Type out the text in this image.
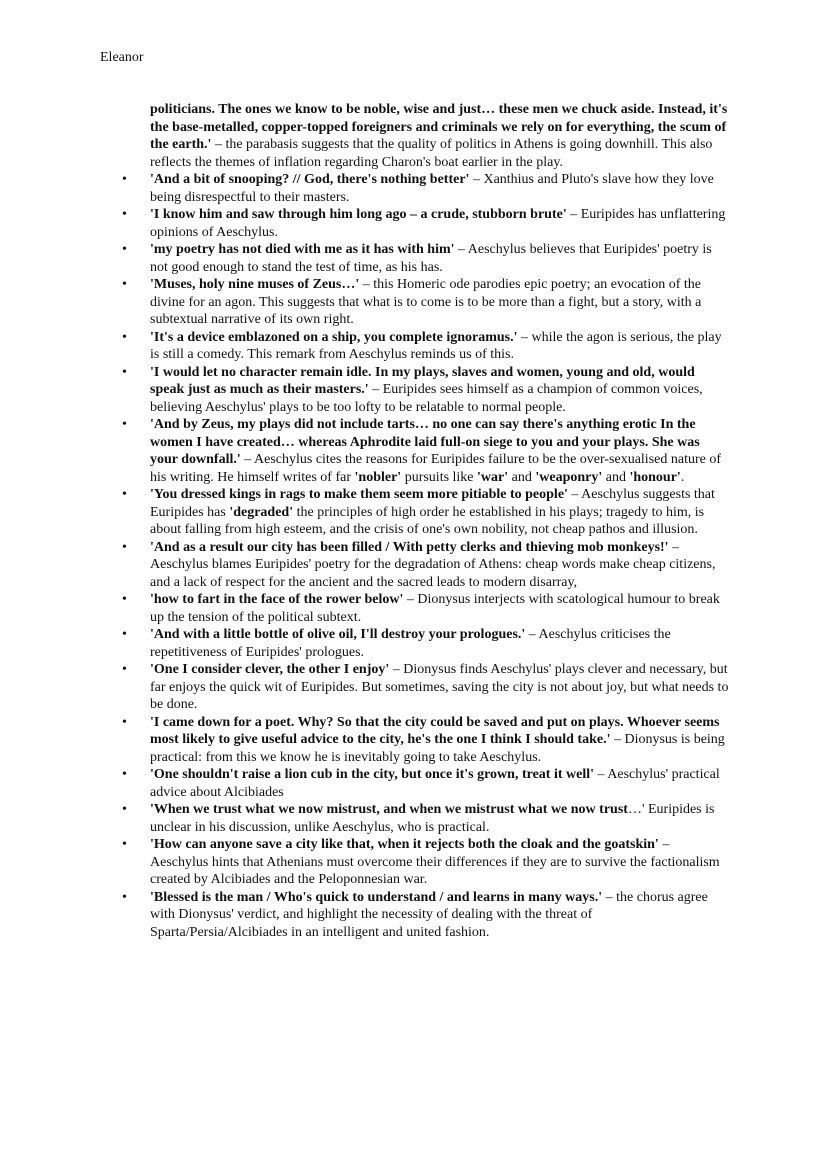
Eleanor

politicians. The ones we know to be noble, wise and just… these men we chuck aside. Instead, it's the base-metalled, copper-topped foreigners and criminals we rely on for everything, the scum of the earth.' – the parabasis suggests that the quality of politics in Athens is going downhill. This also reflects the themes of inflation regarding Charon's boat earlier in the play.

• 'And a bit of snooping? // God, there's nothing better' – Xanthius and Pluto's slave how they love being disrespectful to their masters.
• 'I know him and saw through him long ago – a crude, stubborn brute' – Euripides has unflattering opinions of Aeschylus.
• 'my poetry has not died with me as it has with him' – Aeschylus believes that Euripides' poetry is not good enough to stand the test of time, as his has.
• 'Muses, holy nine muses of Zeus…' – this Homeric ode parodies epic poetry; an evocation of the divine for an agon. This suggests that what is to come is to be more than a fight, but a story, with a subtextual narrative of its own right.
• 'It's a device emblazoned on a ship, you complete ignoramus.' – while the agon is serious, the play is still a comedy. This remark from Aeschylus reminds us of this.
• 'I would let no character remain idle. In my plays, slaves and women, young and old, would speak just as much as their masters.' – Euripides sees himself as a champion of common voices, believing Aeschylus' plays to be too lofty to be relatable to normal people.
• 'And by Zeus, my plays did not include tarts… no one can say there's anything erotic In the women I have created… whereas Aphrodite laid full-on siege to you and your plays. She was your downfall.' – Aeschylus cites the reasons for Euripides failure to be the over-sexualised nature of his writing. He himself writes of far 'nobler' pursuits like 'war' and 'weaponry' and 'honour'.
• 'You dressed kings in rags to make them seem more pitiable to people' – Aeschylus suggests that Euripides has 'degraded' the principles of high order he established in his plays; tragedy to him, is about falling from high esteem, and the crisis of one's own nobility, not cheap pathos and illusion.
• 'And as a result our city has been filled / With petty clerks and thieving mob monkeys!' – Aeschylus blames Euripides' poetry for the degradation of Athens: cheap words make cheap citizens, and a lack of respect for the ancient and the sacred leads to modern disarray,
• 'how to fart in the face of the rower below' – Dionysus interjects with scatological humour to break up the tension of the political subtext.
• 'And with a little bottle of olive oil, I'll destroy your prologues.' – Aeschylus criticises the repetitiveness of Euripides' prologues.
• 'One I consider clever, the other I enjoy' – Dionysus finds Aeschylus' plays clever and necessary, but far enjoys the quick wit of Euripides. But sometimes, saving the city is not about joy, but what needs to be done.
• 'I came down for a poet. Why? So that the city could be saved and put on plays. Whoever seems most likely to give useful advice to the city, he's the one I think I should take.' – Dionysus is being practical: from this we know he is inevitably going to take Aeschylus.
• 'One shouldn't raise a lion cub in the city, but once it's grown, treat it well' – Aeschylus' practical advice about Alcibiades
• 'When we trust what we now mistrust, and when we mistrust what we now trust…' Euripides is unclear in his discussion, unlike Aeschylus, who is practical.
• 'How can anyone save a city like that, when it rejects both the cloak and the goatskin' – Aeschylus hints that Athenians must overcome their differences if they are to survive the factionalism created by Alcibiades and the Peloponnesian war.
• 'Blessed is the man / Who's quick to understand / and learns in many ways.' – the chorus agree with Dionysus' verdict, and highlight the necessity of dealing with the threat of Sparta/Persia/Alcibiades in an intelligent and united fashion.
